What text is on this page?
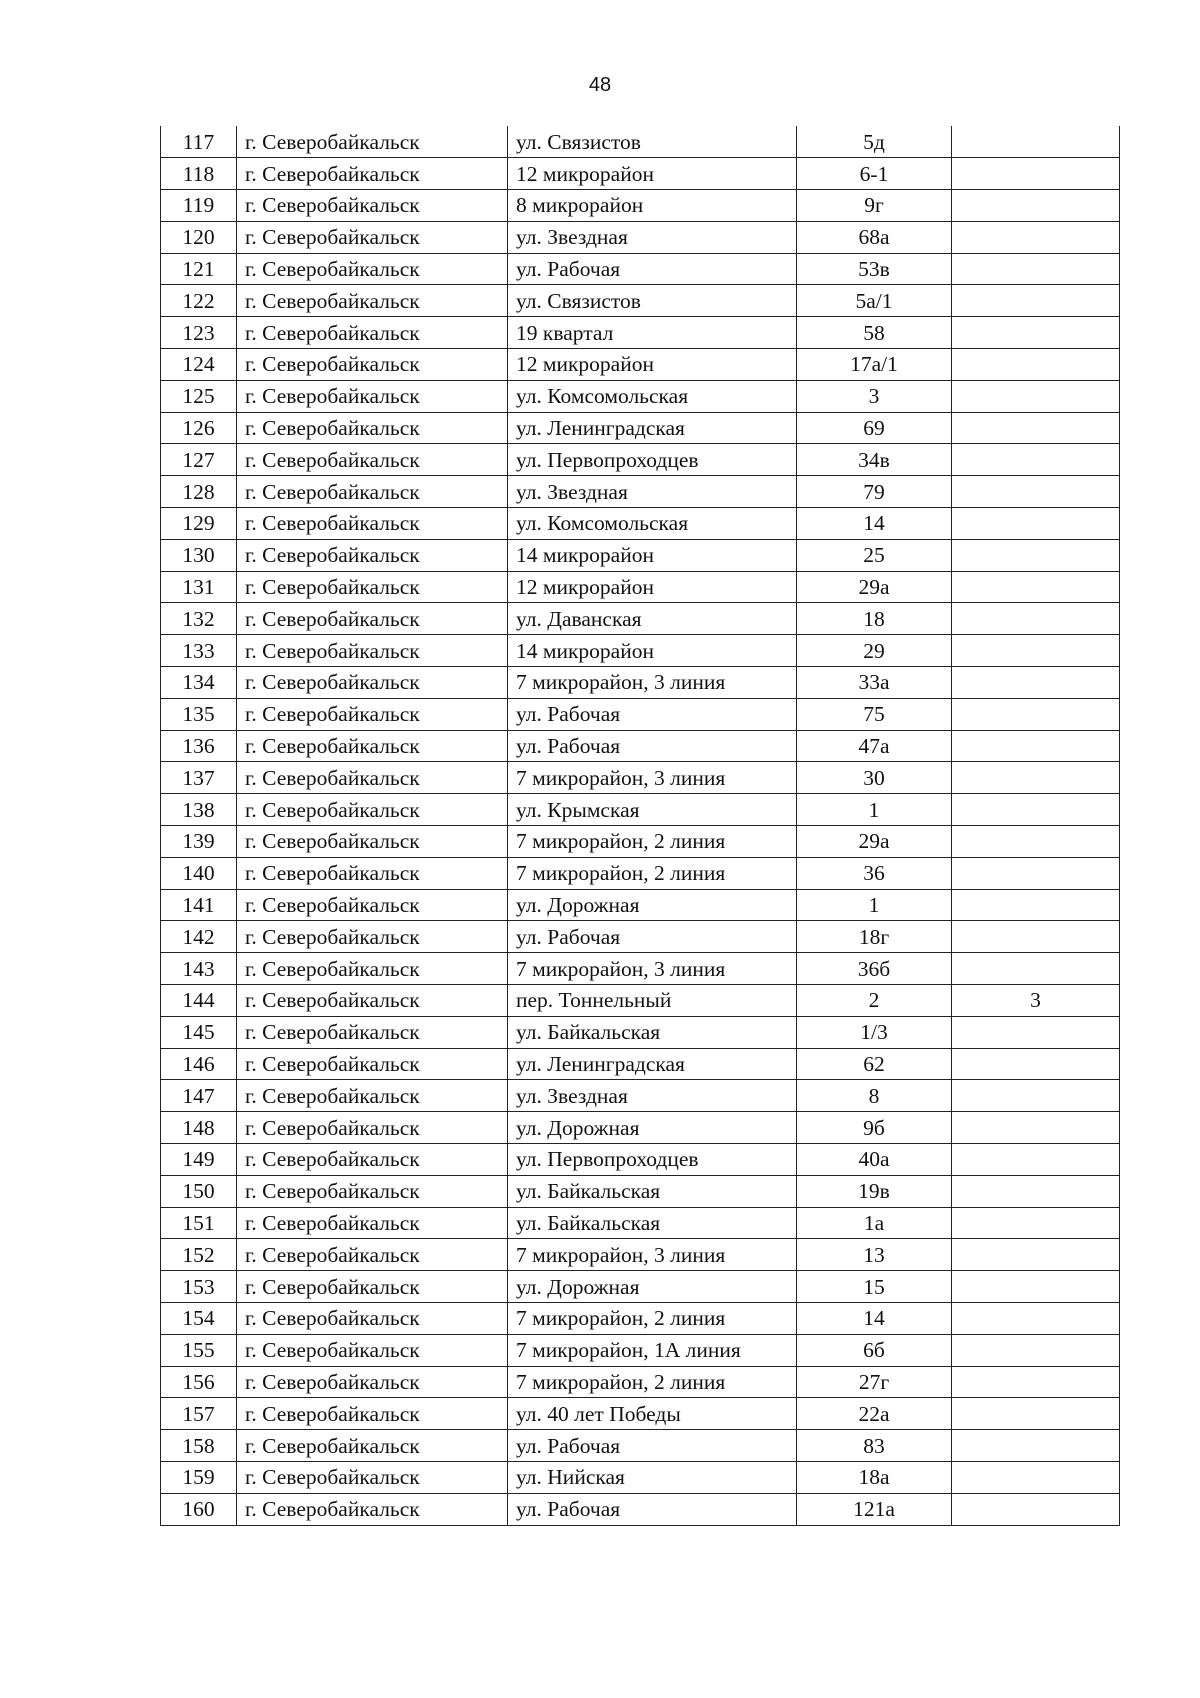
48
117	г. Северобайкальск	ул. Связистов	5д	
118	г. Северобайкальск	12 микрорайон	6-1	
119	г. Северобайкальск	8 микрорайон	9г	
120	г. Северобайкальск	ул. Звездная	68а	
121	г. Северобайкальск	ул. Рабочая	53в	
122	г. Северобайкальск	ул. Связистов	5а/1	
123	г. Северобайкальск	19 квартал	58	
124	г. Северобайкальск	12 микрорайон	17а/1	
125	г. Северобайкальск	ул. Комсомольская	3	
126	г. Северобайкальск	ул. Ленинградская	69	
127	г. Северобайкальск	ул. Первопроходцев	34в	
128	г. Северобайкальск	ул. Звездная	79	
129	г. Северобайкальск	ул. Комсомольская	14	
130	г. Северобайкальск	14 микрорайон	25	
131	г. Северобайкальск	12 микрорайон	29а	
132	г. Северобайкальск	ул. Даванская	18	
133	г. Северобайкальск	14 микрорайон	29	
134	г. Северобайкальск	7 микрорайон, 3 линия	33а	
135	г. Северобайкальск	ул. Рабочая	75	
136	г. Северобайкальск	ул. Рабочая	47а	
137	г. Северобайкальск	7 микрорайон, 3 линия	30	
138	г. Северобайкальск	ул. Крымская	1	
139	г. Северобайкальск	7 микрорайон, 2 линия	29а	
140	г. Северобайкальск	7 микрорайон, 2 линия	36	
141	г. Северобайкальск	ул. Дорожная	1	
142	г. Северобайкальск	ул. Рабочая	18г	
143	г. Северобайкальск	7 микрорайон, 3 линия	36б	
144	г. Северобайкальск	пер. Тоннельный	2	3
145	г. Северобайкальск	ул. Байкальская	1/3	
146	г. Северобайкальск	ул. Ленинградская	62	
147	г. Северобайкальск	ул. Звездная	8	
148	г. Северобайкальск	ул. Дорожная	9б	
149	г. Северобайкальск	ул. Первопроходцев	40а	
150	г. Северобайкальск	ул. Байкальская	19в	
151	г. Северобайкальск	ул. Байкальская	1а	
152	г. Северобайкальск	7 микрорайон, 3 линия	13	
153	г. Северобайкальск	ул. Дорожная	15	
154	г. Северобайкальск	7 микрорайон, 2 линия	14	
155	г. Северобайкальск	7 микрорайон, 1А линия	6б	
156	г. Северобайкальск	7 микрорайон, 2 линия	27г	
157	г. Северобайкальск	ул. 40 лет Победы	22а	
158	г. Северобайкальск	ул. Рабочая	83	
159	г. Северобайкальск	ул. Нийская	18а	
160	г. Северобайкальск	ул. Рабочая	121а	
